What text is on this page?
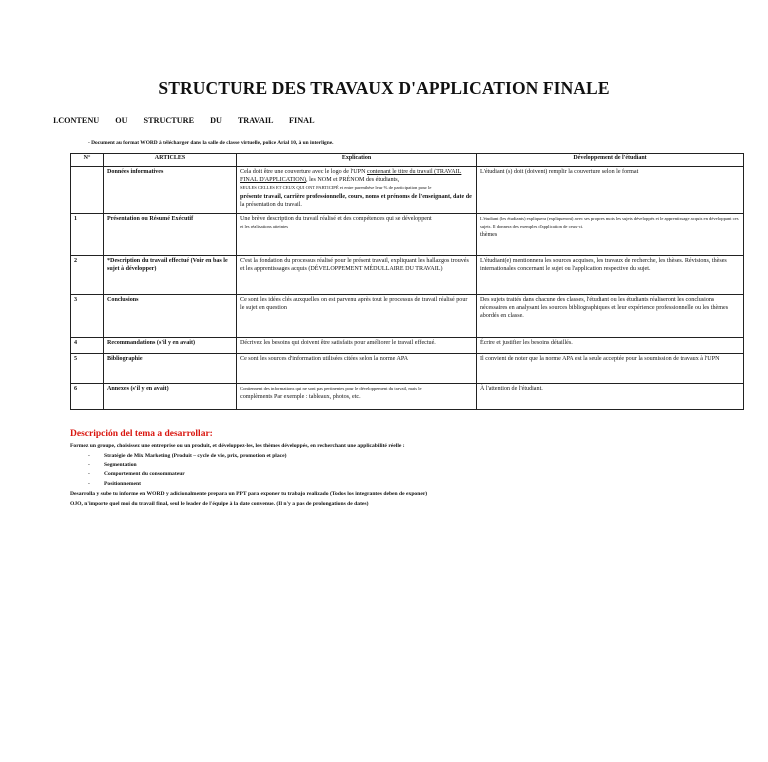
STRUCTURE DES TRAVAUX D'APPLICATION FINALE
I.CONTENU OU STRUCTURE DU TRAVAIL FINAL
- Document au format WORD à télécharger dans la salle de classe virtuelle, police Arial 10, à un interligne.
N°	ARTICLES	Explication	Développement de l'étudiant
	Données informatives	Cela doit être une couverture avec le logo de l'UPN contenant le titre du travail (TRAVAIL FINAL D'APPLICATION), les NOM et PRÉNOM des étudiants,
SEULES CELLES ET CEUX QUI ONT PARTICIPÉ et entre parenthèse leur % de participation pour le
présente travail, carrière professionnelle, cours, noms et prénoms de l'enseignant, date de
la présentation du travail.	L'étudiant (s) doit (doivent) remplir la couverture selon le format
1	Présentation ou Résumé Exécutif	Une brève description du travail réalisé et des compétences qui se développent
et les réalisations atteintes	L'étudiant (les étudiants) expliquera (expliqueront) avec ses propres mots les sujets développés et le apprentissage acquis en développant ces sujets. Il donnera des exemples d'application de ceux-ci.
thèmes
2	*Description du travail effectué (Voir en bas le sujet à développer)	C'est la fondation du processus réalisé pour le présent travail, expliquant les hallazgos trouvés et les apprentissages acquis (DÉVELOPPEMENT MÉDULLAIRE DU TRAVAIL)	L'étudiant(e) mentionnera les sources acquises, les travaux de recherche, les thèses. Révisions, thèses internationales concernant le sujet ou l'application respective du sujet.
3	Conclusions	Ce sont les idées clés auxquelles on est parvenu après tout le processus de travail réalisé pour le sujet en question	Des sujets traités dans chacune des classes, l'étudiant ou les étudiants réaliseront les conclusions nécessaires en analysant les sources bibliographiques et leur expérience professionnelle ou les thèmes abordés en classe.
4	Recommandations (s'il y en avait)	Décrivez les besoins qui doivent être satisfaits pour améliorer le travail effectué.	Écrire et justifier les besoins détaillés.
5	Bibliographie	Ce sont les sources d'information utilisées citées selon la norme APA	Il convient de noter que la norme APA est la seule acceptée pour la soumission de travaux à l'UPN
6	Annexes (s'il y en avait)	Contiennent des informations qui ne sont pas pertinentes pour le développement du travail, mais le
complèments Par exemple : tableaux, photos, etc.	À l'attention de l'étudiant.
Descripción del tema a desarrollar:
Formez un groupe, choisissez une entreprise ou un produit, et développez-les, les thèmes développés, en recherchant une applicabilité réelle :
-	Stratégie de Mix Marketing (Produit – cycle de vie, prix, promotion et place)
-	Segmentation
-	Comportement du consommateur
-	Positionnement
Desarrolla y sube tu informe en WORD y adicionalmente prepara un PPT para exponer tu trabajo realizado (Todos los integrantes deben de exponer)
OJO, n'importe quel moi du travail final, seul le leader de l'équipe à la date convenue. (Il n'y a pas de prolongations de dates)
